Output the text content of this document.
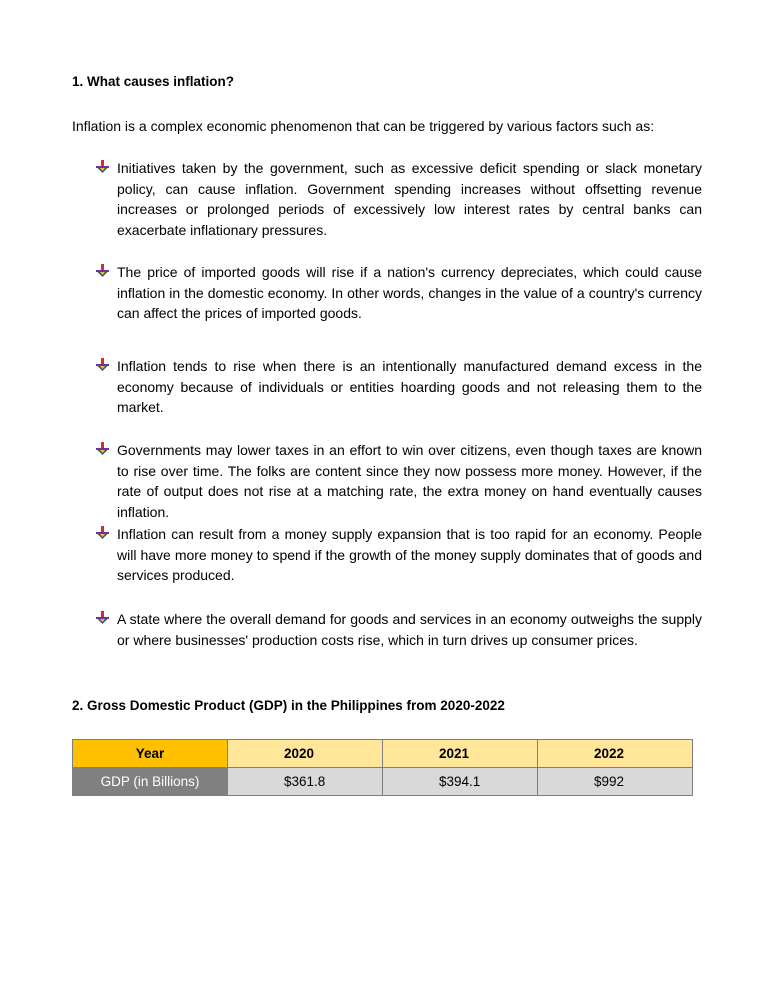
1. What causes inflation?

Inflation is a complex economic phenomenon that can be triggered by various factors such as:

Initiatives taken by the government, such as excessive deficit spending or slack monetary policy, can cause inflation. Government spending increases without offsetting revenue increases or prolonged periods of excessively low interest rates by central banks can exacerbate inflationary pressures.
The price of imported goods will rise if a nation's currency depreciates, which could cause inflation in the domestic economy. In other words, changes in the value of a country's currency can affect the prices of imported goods.
Inflation tends to rise when there is an intentionally manufactured demand excess in the economy because of individuals or entities hoarding goods and not releasing them to the market.
Governments may lower taxes in an effort to win over citizens, even though taxes are known to rise over time. The folks are content since they now possess more money. However, if the rate of output does not rise at a matching rate, the extra money on hand eventually causes inflation.
Inflation can result from a money supply expansion that is too rapid for an economy. People will have more money to spend if the growth of the money supply dominates that of goods and services produced.
A state where the overall demand for goods and services in an economy outweighs the supply or where businesses' production costs rise, which in turn drives up consumer prices.

2. Gross Domestic Product (GDP) in the Philippines from 2020-2022

Year	2020	2021	2022
GDP (in Billions)	$361.8	$394.1	$992
